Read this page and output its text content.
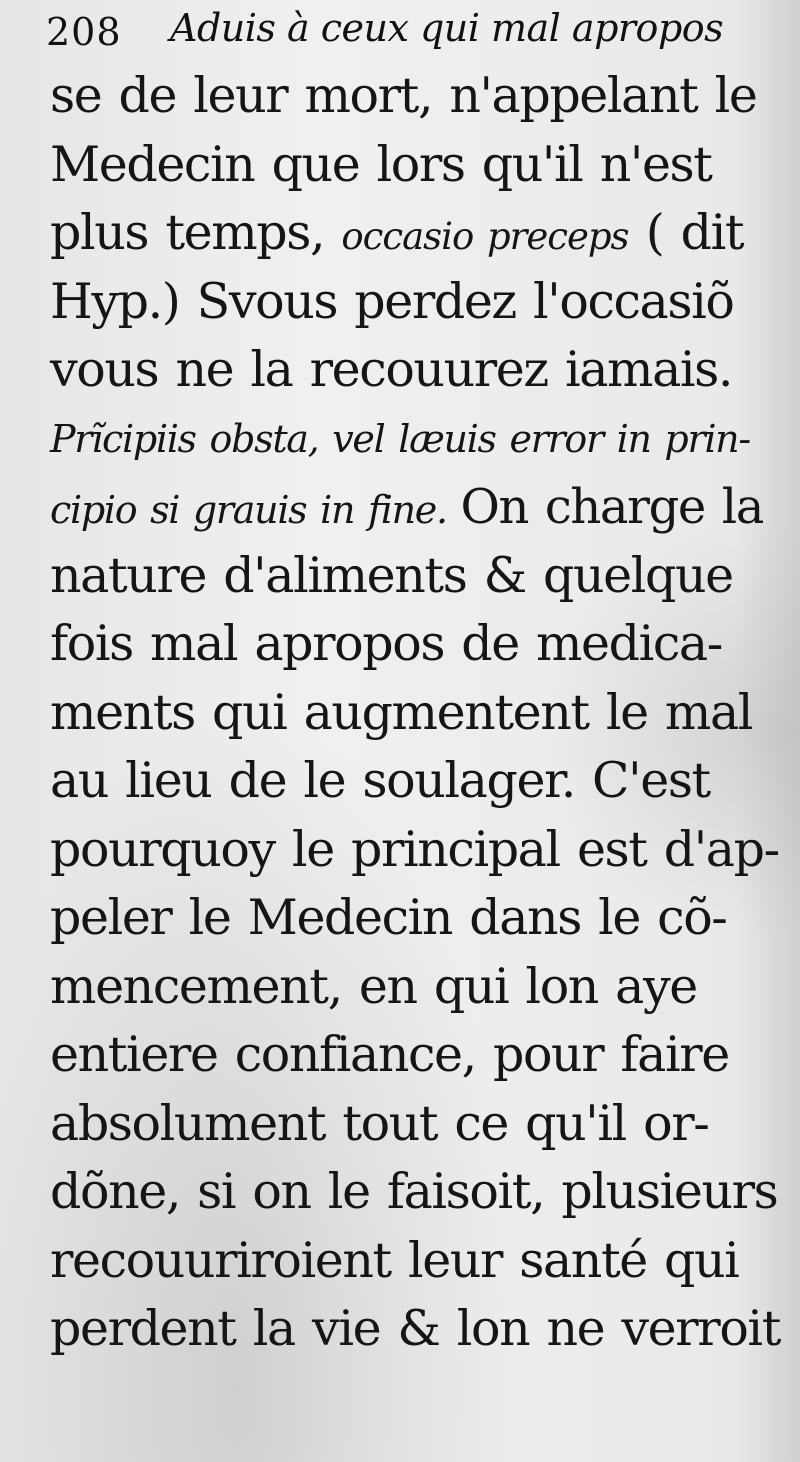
208 Aduis à ceux qui mal apropos
se de leur mort, n'appelant le
Medecin que lors qu'il n'est
plus temps, occasio preceps ( dit
Hyp.) Svous perdez l'occasiõ
vous ne la recouurez iamais.
Prĩcipiis obsta, vel læuis error in prin-
cipio si grauis in fine. On charge la
nature d'aliments & quelque
fois mal apropos de medica-
ments qui augmentent le mal
au lieu de le soulager. C'est
pourquoy le principal est d'ap-
peler le Medecin dans le cõ-
mencement, en qui lon aye
entiere confiance, pour faire
absolument tout ce qu'il or-
dõne, si on le faisoit, plusieurs
recouuriroient leur santé qui
perdent la vie & lon ne verroit
